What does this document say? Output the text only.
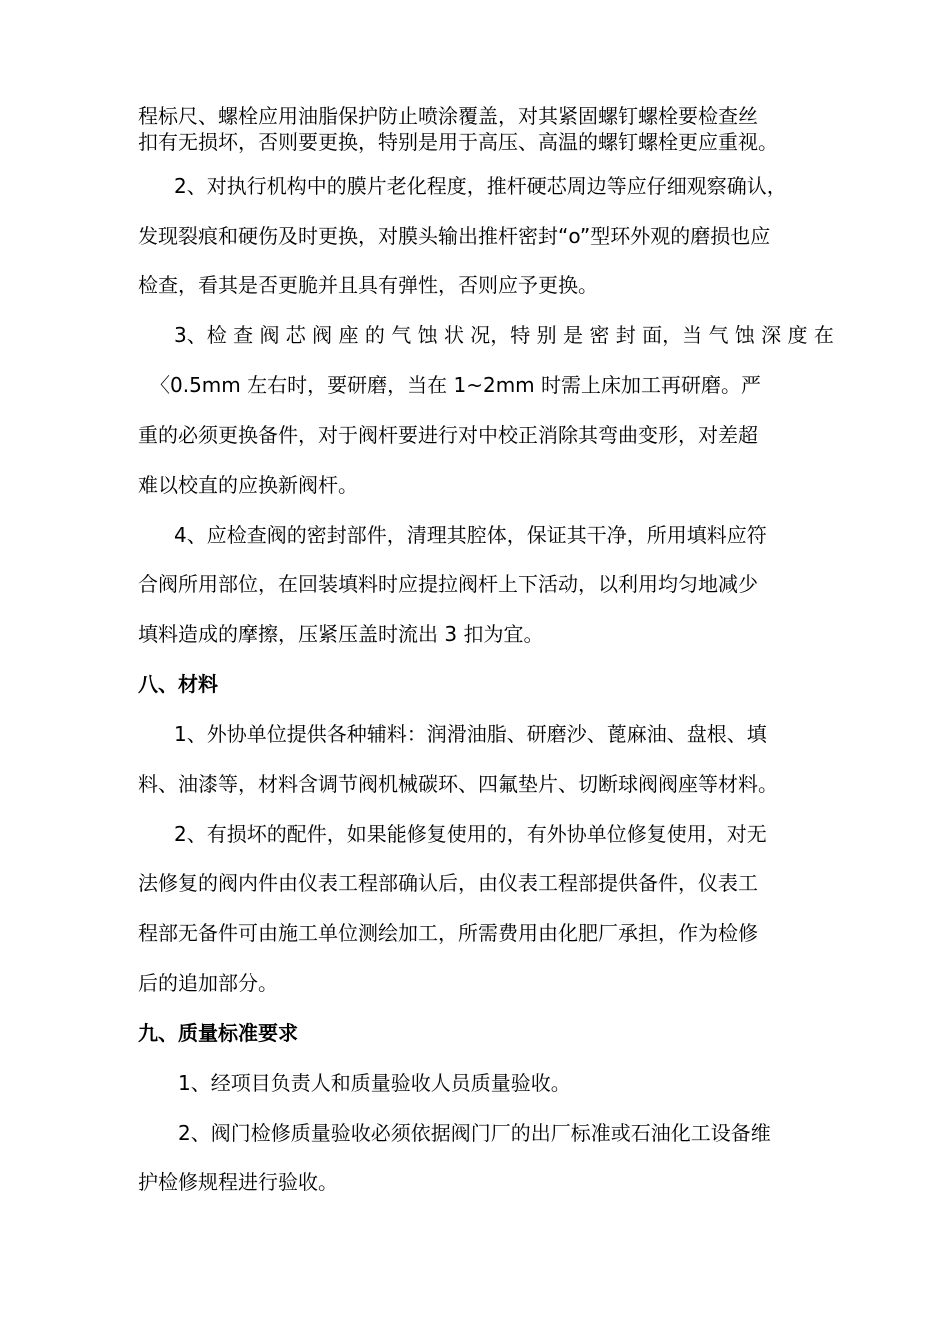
程标尺、螺栓应用油脂保护防止喷涂覆盖，对其紧固螺钉螺栓要检查丝
扣有无损坏，否则要更换，特别是用于高压、高温的螺钉螺栓更应重视。
2、对执行机构中的膜片老化程度，推杆硬芯周边等应仔细观察确认，
发现裂痕和硬伤及时更换，对膜头输出推杆密封“o”型环外观的磨损也应
检查，看其是否更脆并且具有弹性，否则应予更换。
3、检 查 阀 芯 阀 座 的 气 蚀 状 况，特 别 是 密 封 面，当 气 蚀 深 度 在
〈0.5mm 左右时，要研磨，当在 1~2mm 时需上床加工再研磨。严
重的必须更换备件，对于阀杆要进行对中校正消除其弯曲变形，对差超
难以校直的应换新阀杆。
4、应检查阀的密封部件，清理其腔体，保证其干净，所用填料应符
合阀所用部位，在回装填料时应提拉阀杆上下活动，以利用均匀地减少
填料造成的摩擦，压紧压盖时流出 3 扣为宜。
八、材料
1、外协单位提供各种辅料：润滑油脂、研磨沙、蓖麻油、盘根、填
料、油漆等，材料含调节阀机械碳环、四氟垫片、切断球阀阀座等材料。
2、有损坏的配件，如果能修复使用的，有外协单位修复使用，对无
法修复的阀内件由仪表工程部确认后，由仪表工程部提供备件，仪表工
程部无备件可由施工单位测绘加工，所需费用由化肥厂承担，作为检修
后的追加部分。
九、质量标准要求
1、经项目负责人和质量验收人员质量验收。
2、阀门检修质量验收必须依据阀门厂的出厂标准或石油化工设备维
护检修规程进行验收。
